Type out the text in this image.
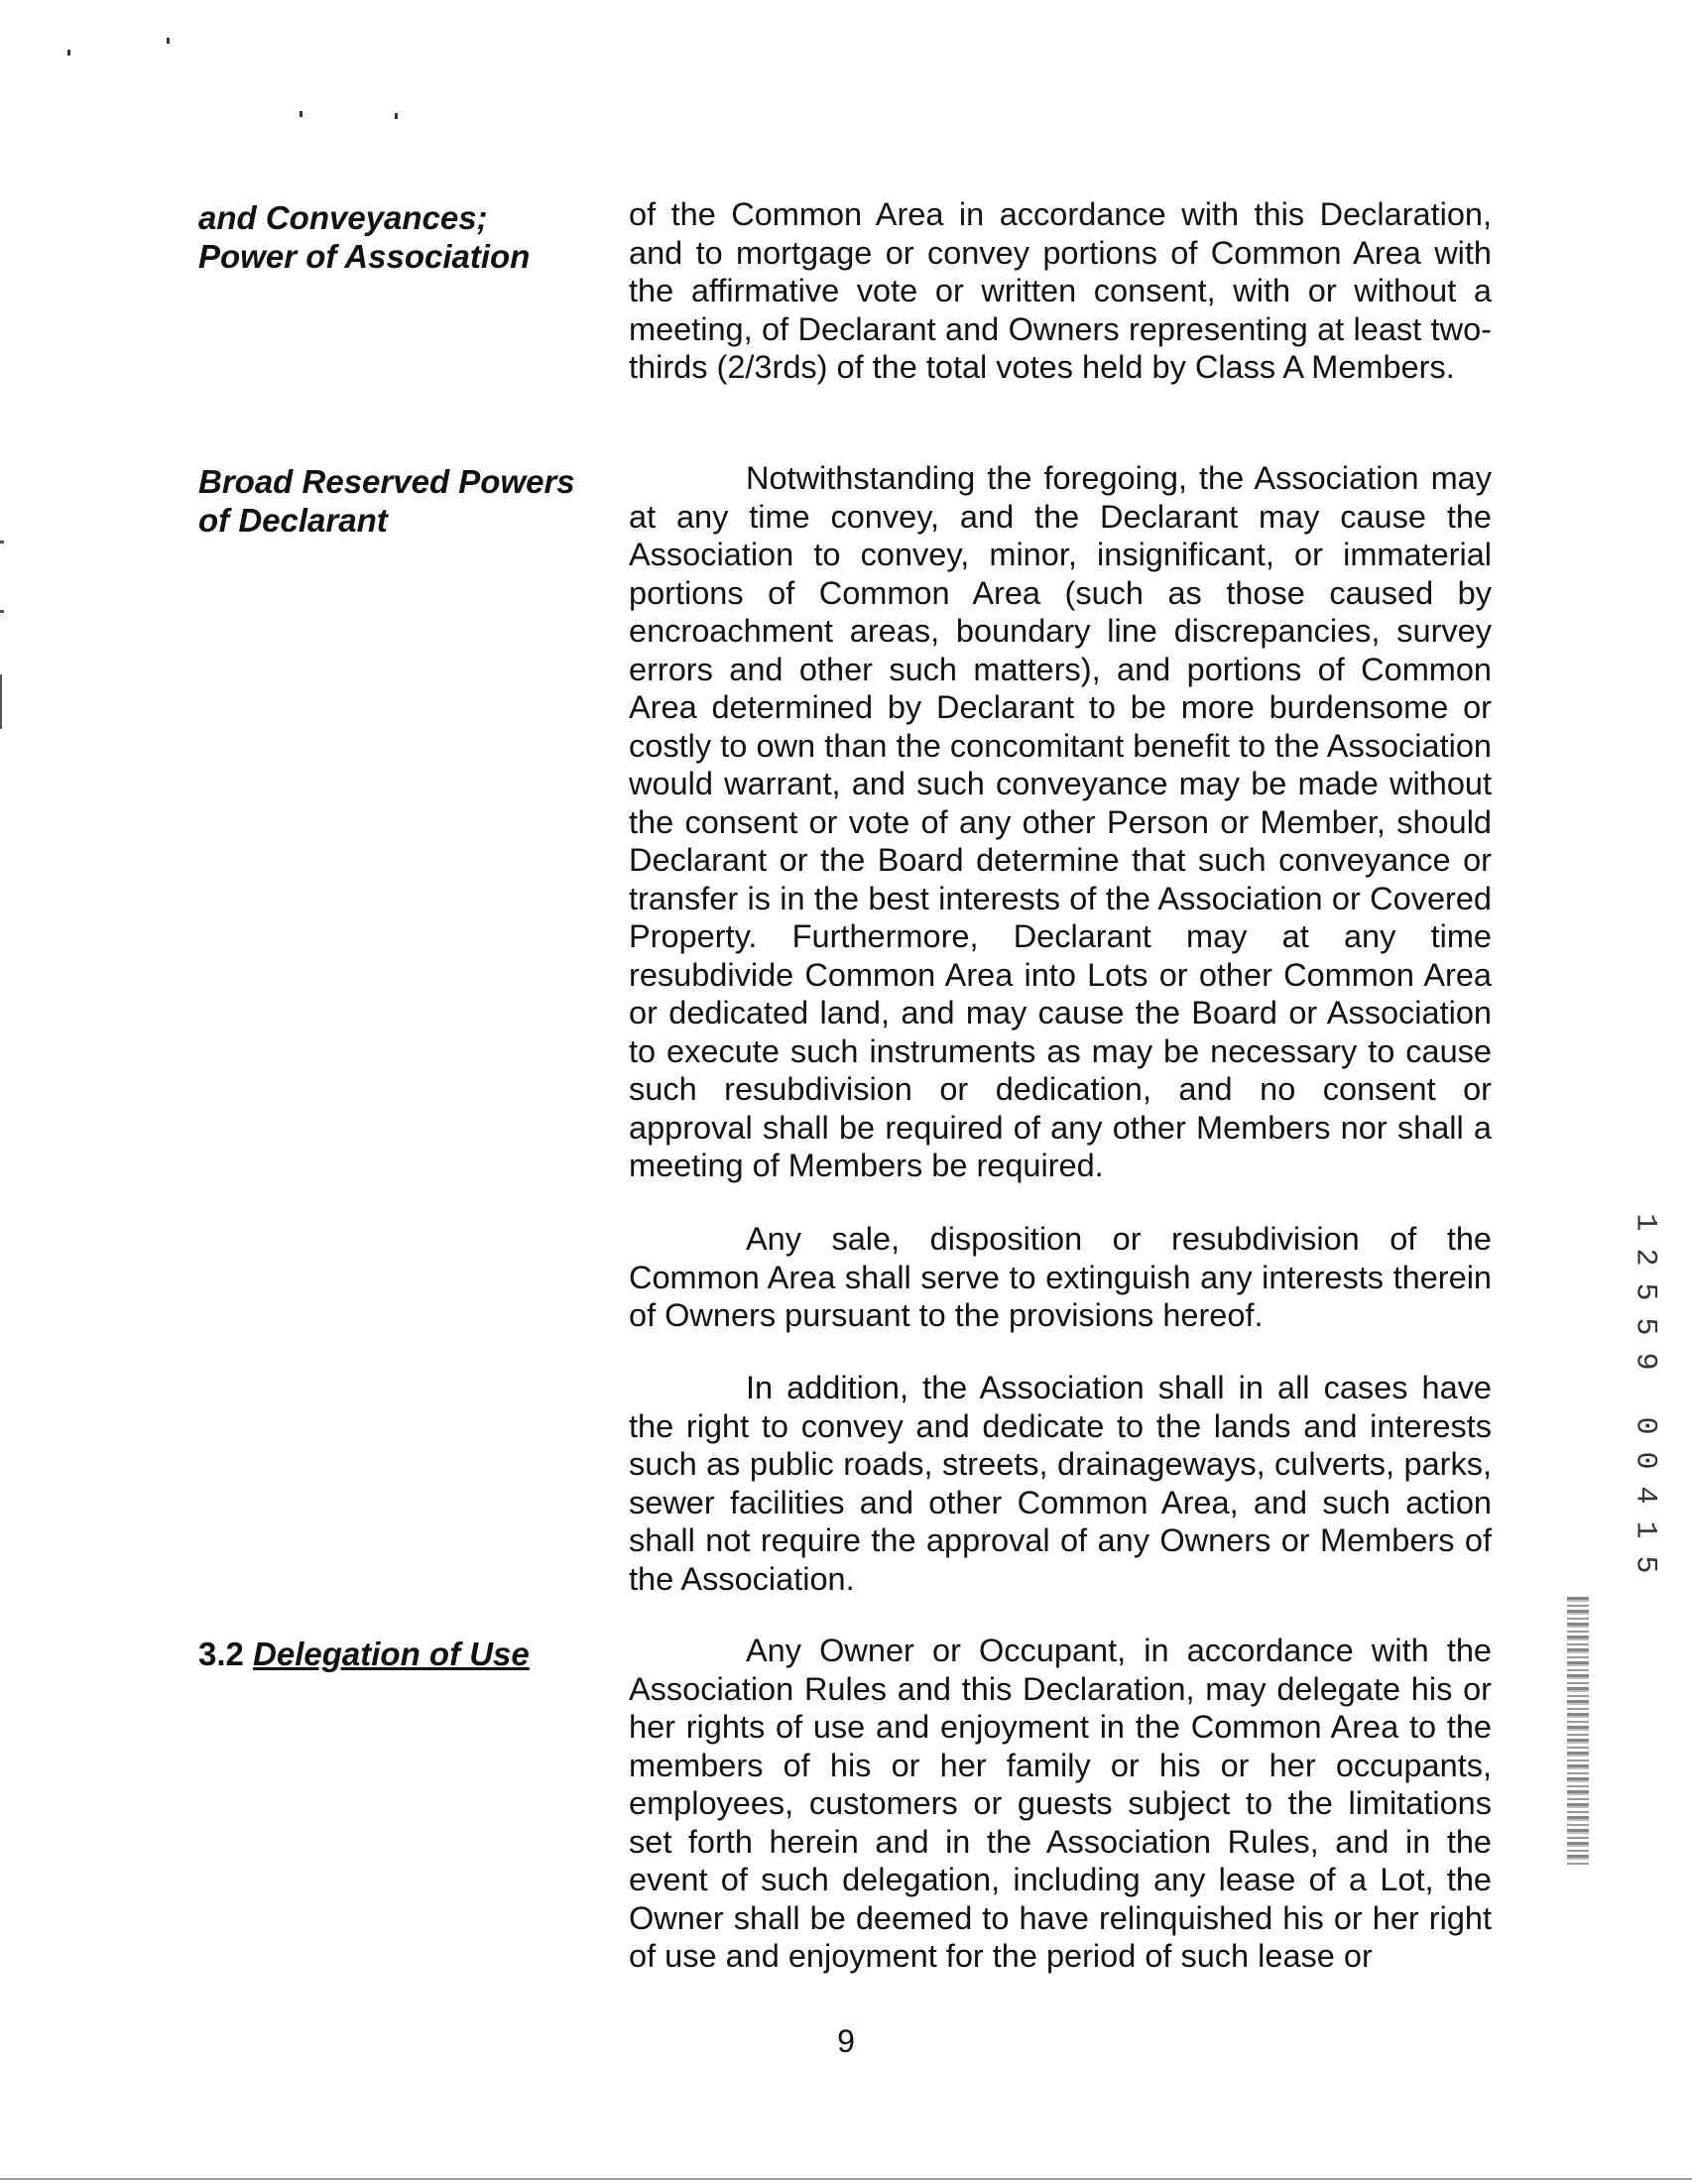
and Conveyances;
Power of Association

of the Common Area in accordance with this Declaration, and to mortgage or convey portions of Common Area with the affirmative vote or written consent, with or without a meeting, of Declarant and Owners representing at least two-thirds (2/3rds) of the total votes held by Class A Members.

Broad Reserved Powers
of Declarant

Notwithstanding the foregoing, the Association may at any time convey, and the Declarant may cause the Association to convey, minor, insignificant, or immaterial portions of Common Area (such as those caused by encroachment areas, boundary line discrepancies, survey errors and other such matters), and portions of Common Area determined by Declarant to be more burdensome or costly to own than the concomitant benefit to the Association would warrant, and such conveyance may be made without the consent or vote of any other Person or Member, should Declarant or the Board determine that such conveyance or transfer is in the best interests of the Association or Covered Property. Furthermore, Declarant may at any time resubdivide Common Area into Lots or other Common Area or dedicated land, and may cause the Board or Association to execute such instruments as may be necessary to cause such resubdivision or dedication, and no consent or approval shall be required of any other Members nor shall a meeting of Members be required.

Any sale, disposition or resubdivision of the Common Area shall serve to extinguish any interests therein of Owners pursuant to the provisions hereof.

In addition, the Association shall in all cases have the right to convey and dedicate to the lands and interests such as public roads, streets, drainageways, culverts, parks, sewer facilities and other Common Area, and such action shall not require the approval of any Owners or Members of the Association.

3.2 Delegation of Use	Any Owner or Occupant, in accordance with the Association Rules and this Declaration, may delegate his or her rights of use and enjoyment in the Common Area to the members of his or her family or his or her occupants, employees, customers or guests subject to the limitations set forth herein and in the Association Rules, and in the event of such delegation, including any lease of a Lot, the Owner shall be deemed to have relinquished his or her right of use and enjoyment for the period of such lease or

1
2
5
5
9
0
0
4
1
5
9
